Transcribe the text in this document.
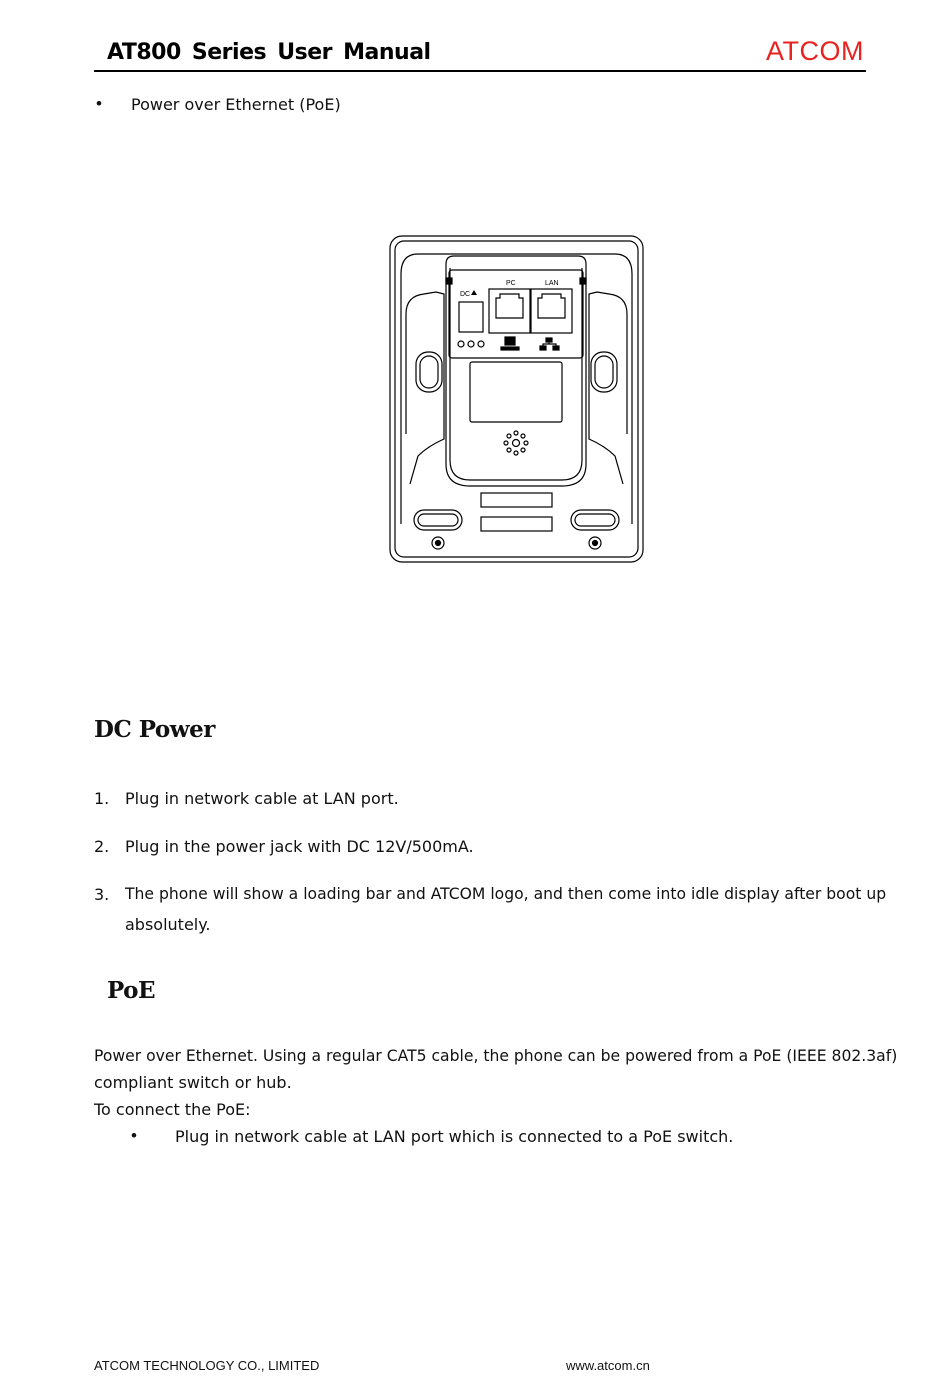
AT800 Series User Manual	ATCOM
• Power over Ethernet (PoE)
DC
PC	LAN
DC Power
1. Plug in network cable at LAN port.
2. Plug in the power jack with DC 12V/500mA.
3. The phone will show a loading bar and ATCOM logo, and then come into idle display after boot up
absolutely.
PoE
Power over Ethernet. Using a regular CAT5 cable, the phone can be powered from a PoE (IEEE 802.3af)
compliant switch or hub.
To connect the PoE:
• Plug in network cable at LAN port which is connected to a PoE switch.
ATCOM TECHNOLOGY CO., LIMITED	www.atcom.cn
